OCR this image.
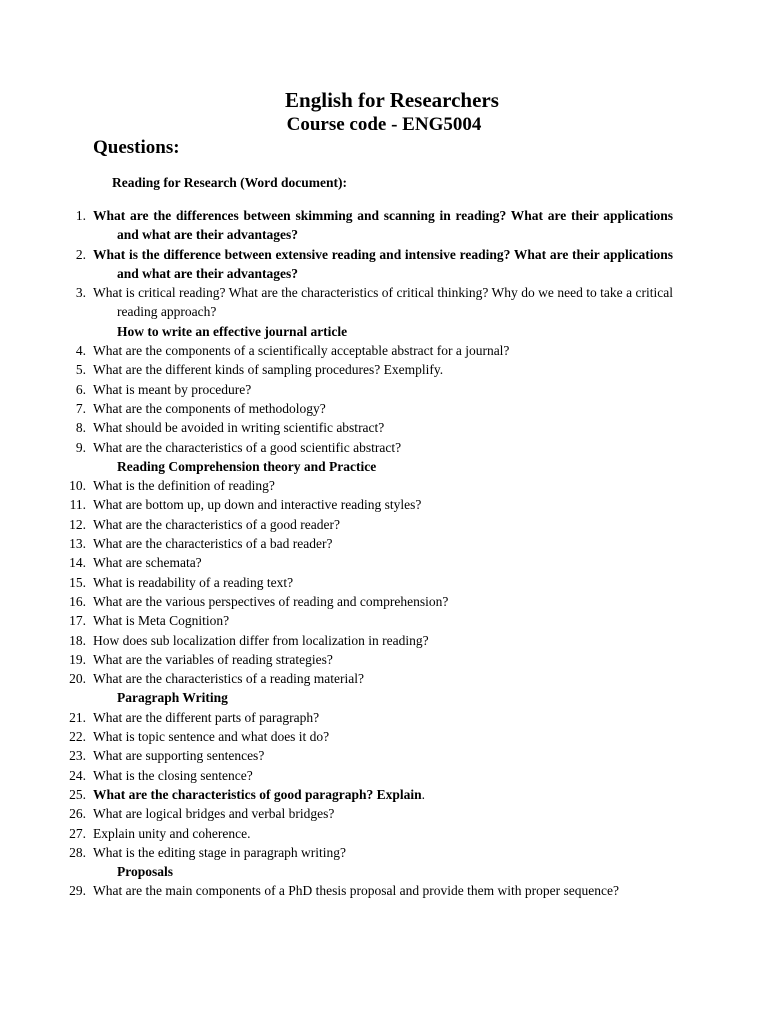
English for Researchers
Course code - ENG5004
Questions:
Reading for Research (Word document):
1. What are the differences between skimming and scanning in reading? What are their applications and what are their advantages?
2. What is the difference between extensive reading and intensive reading? What are their applications and what are their advantages?
3. What is critical reading? What are the characteristics of critical thinking? Why do we need to take a critical reading approach?
How to write an effective journal article
4. What are the components of a scientifically acceptable abstract for a journal?
5. What are the different kinds of sampling procedures? Exemplify.
6. What is meant by procedure?
7. What are the components of methodology?
8. What should be avoided in writing scientific abstract?
9. What are the characteristics of a good scientific abstract?
Reading Comprehension theory and Practice
10. What is the definition of reading?
11. What are bottom up, up down and interactive reading styles?
12. What are the characteristics of a good reader?
13. What are the characteristics of a bad reader?
14. What are schemata?
15. What is readability of a reading text?
16. What are the various perspectives of reading and comprehension?
17. What is Meta Cognition?
18. How does sub localization differ from localization in reading?
19. What are the variables of reading strategies?
20. What are the characteristics of a reading material?
Paragraph Writing
21. What are the different parts of paragraph?
22. What is topic sentence and what does it do?
23. What are supporting sentences?
24. What is the closing sentence?
25. What are the characteristics of good paragraph? Explain.
26. What are logical bridges and verbal bridges?
27. Explain unity and coherence.
28. What is the editing stage in paragraph writing?
Proposals
29. What are the main components of a PhD thesis proposal and provide them with proper sequence?
